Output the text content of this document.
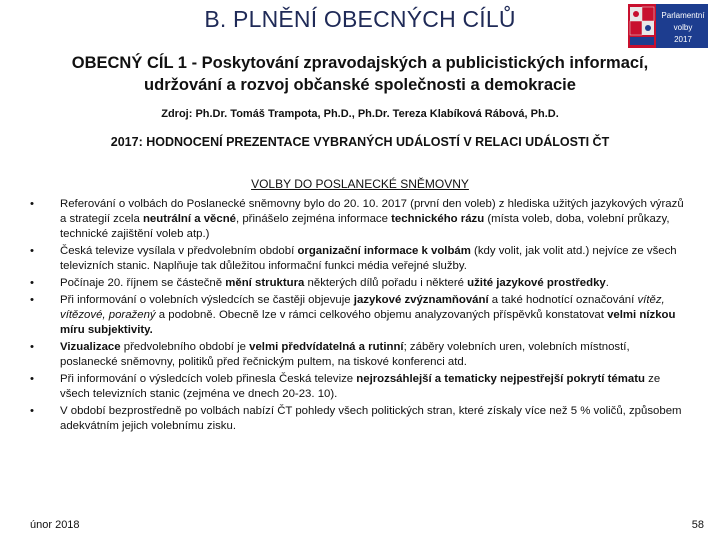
B. PLNĚNÍ OBECNÝCH CÍLŮ	Parlamentní
volby
2017
OBECNÝ CÍL 1 - Poskytování zpravodajských a publicistických informací,
udržování a rozvoj občanské společnosti a demokracie
Zdroj: Ph.Dr. Tomáš Trampota, Ph.D., Ph.Dr. Tereza Klabíková Rábová, Ph.D.
2017: HODNOCENÍ PREZENTACE VYBRANÝCH UDÁLOSTÍ V RELACI UDÁLOSTI ČT
VOLBY DO POSLANECKÉ SNĚMOVNY
• Referování o volbách do Poslanecké sněmovny bylo do 20. 10. 2017 (první den voleb) z hlediska užitých jazykových výrazů a strategií zcela neutrální a věcné, přinášelo zejména informace technického rázu (místa voleb, doba, volební průkazy, technické zajištění voleb atp.)
• Česká televize vysílala v předvolebním období organizační informace k volbám (kdy volit, jak volit atd.) nejvíce ze všech televizních stanic. Naplňuje tak důležitou informační funkci média veřejné služby.
• Počínaje 20. říjnem se částečně mění struktura některých dílů pořadu i některé užité jazykové prostředky.
• Při informování o volebních výsledcích se častěji objevuje jazykové zvýznamňování a také hodnotící označování vítěz, vítězové, poražený a podobně. Obecně lze v rámci celkového objemu analyzovaných příspěvků konstatovat velmi nízkou míru subjektivity.
• Vizualizace předvolebního období je velmi předvídatelná a rutinní; záběry volebních uren, volebních místností, poslanecké sněmovny, politiků před řečnickým pultem, na tiskové konferenci atd.
• Při informování o výsledcích voleb přinesla Česká televize nejrozsáhlejší a tematicky nejpestřejší pokrytí tématu ze všech televizních stanic (zejména ve dnech 20-23. 10).
• V období bezprostředně po volbách nabízí ČT pohledy všech politických stran, které získaly více než 5 % voličů, způsobem adekvátním jejich volebnímu zisku.
únor 2018	58
